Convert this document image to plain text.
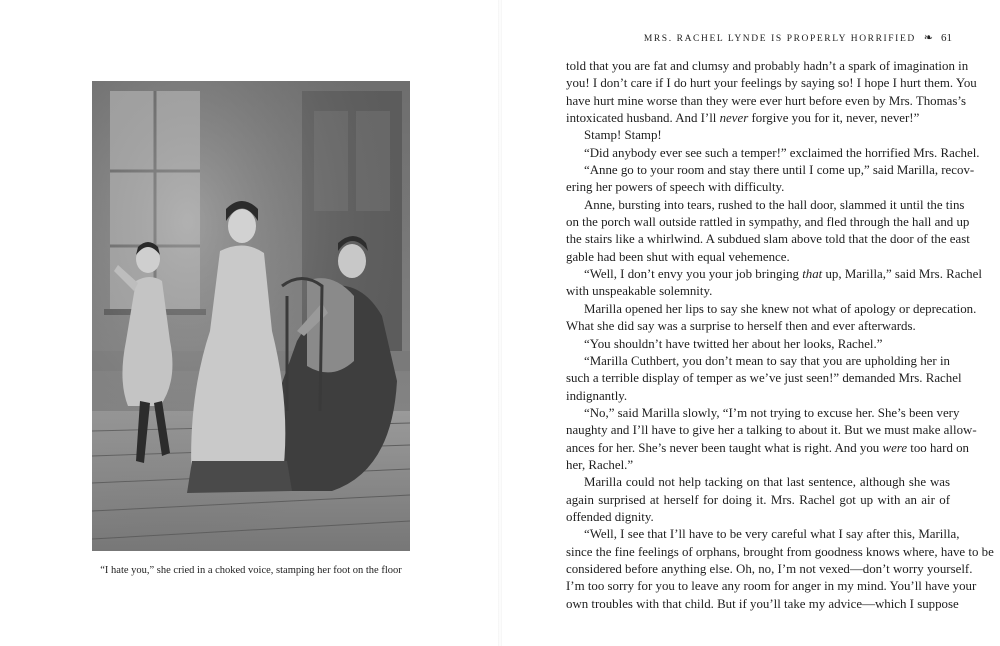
“I hate you,” she cried in a choked voice, stamping her foot on the floor
MRS. RACHEL LYNDE IS PROPERLY HORRIFIED ❧ 61
told that you are fat and clumsy and probably hadn’t a spark of imagination in
you! I don’t care if I do hurt your feelings by saying so! I hope I hurt them. You
have hurt mine worse than they were ever hurt before even by Mrs. Thomas’s
intoxicated husband. And I’ll never forgive you for it, never, never!”
Stamp! Stamp!
“Did anybody ever see such a temper!” exclaimed the horrified Mrs. Rachel.
“Anne go to your room and stay there until I come up,” said Marilla, recov-
ering her powers of speech with difficulty.
Anne, bursting into tears, rushed to the hall door, slammed it until the tins
on the porch wall outside rattled in sympathy, and fled through the hall and up
the stairs like a whirlwind. A subdued slam above told that the door of the east
gable had been shut with equal vehemence.
“Well, I don’t envy you your job bringing that up, Marilla,” said Mrs. Rachel
with unspeakable solemnity.
Marilla opened her lips to say she knew not what of apology or deprecation.
What she did say was a surprise to herself then and ever afterwards.
“You shouldn’t have twitted her about her looks, Rachel.”
“Marilla Cuthbert, you don’t mean to say that you are upholding her in
such a terrible display of temper as we’ve just seen!” demanded Mrs. Rachel
indignantly.
“No,” said Marilla slowly, “I’m not trying to excuse her. She’s been very
naughty and I’ll have to give her a talking to about it. But we must make allow-
ances for her. She’s never been taught what is right. And you were too hard on
her, Rachel.”
Marilla could not help tacking on that last sentence, although she was
again surprised at herself for doing it. Mrs. Rachel got up with an air of
offended dignity.
“Well, I see that I’ll have to be very careful what I say after this, Marilla,
since the fine feelings of orphans, brought from goodness knows where, have to be
considered before anything else. Oh, no, I’m not vexed—don’t worry yourself.
I’m too sorry for you to leave any room for anger in my mind. You’ll have your
own troubles with that child. But if you’ll take my advice—which I suppose
